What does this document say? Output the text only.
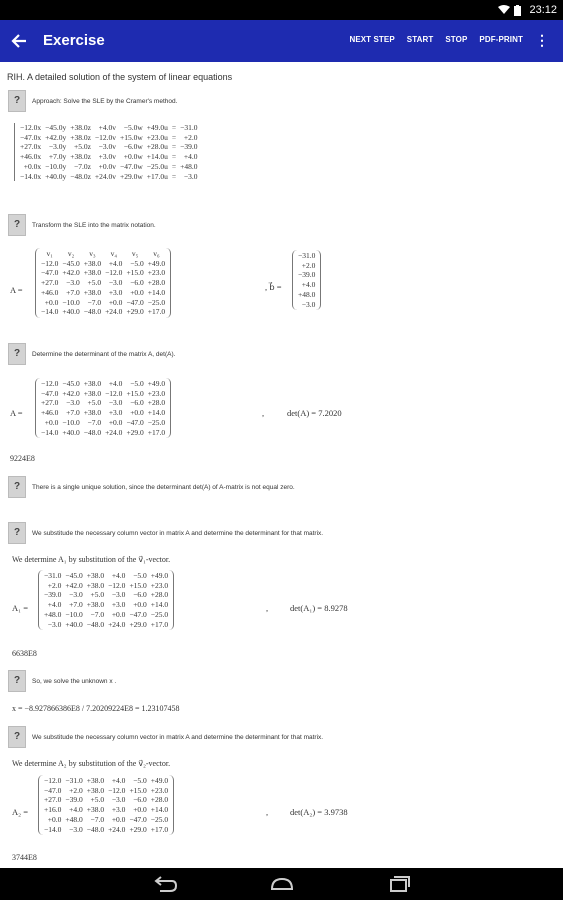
23:12
Exercise	NEXT STEP START STOP PDF-PRINT ⋮
RIH. A detailed solution of the system of linear equations
?	Approach: Solve the SLE by the Cramer's method.
−12.0x	−45.0y	+38.0z	+4.0v	−5.0w	+49.0u	=	−31.0
−47.0x	+42.0y	+38.0z	−12.0v	+15.0w	+23.0u	=	+2.0
+27.0x	−3.0y	+5.0z	−3.0v	−6.0w	+28.0u	=	−39.0
+46.0x	+7.0y	+38.0z	+3.0v	+0.0w	+14.0u	=	+4.0
+0.0x	−10.0y	−7.0z	+0.0v	−47.0w	−25.0u	=	+48.0
−14.0x	+40.0y	−48.0z	+24.0v	+29.0w	+17.0u	=	−3.0
?	Transform the SLE into the matrix notation.
A =
v₁	v₂	v₃	v₄	v₅	v₆
−12.0	−45.0	+38.0	+4.0	−5.0	+49.0
−47.0	+42.0	+38.0	−12.0	+15.0	+23.0
+27.0	−3.0	+5.0	−3.0	−6.0	+28.0
+46.0	+7.0	+38.0	+3.0	+0.0	+14.0
+0.0	−10.0	−7.0	+0.0	−47.0	−25.0
−14.0	+40.0	−48.0	+24.0	+29.0	+17.0
, b⃗ =
−31.0
+2.0
−39.0
+4.0
+48.0
−3.0
?	Determine the determinant of the matrix A, det(A).
A =
−12.0	−45.0	+38.0	+4.0	−5.0	+49.0
−47.0	+42.0	+38.0	−12.0	+15.0	+23.0
+27.0	−3.0	+5.0	−3.0	−6.0	+28.0
+46.0	+7.0	+38.0	+3.0	+0.0	+14.0
+0.0	−10.0	−7.0	+0.0	−47.0	−25.0
−14.0	+40.0	−48.0	+24.0	+29.0	+17.0
,	det(A) = 7.2020
9224E8
?	There is a single unique solution, since the determinant det(A) of A-matrix is not equal zero.
?	We substitude the necessary column vector in matrix A and determine the determinant for that matrix.
We determine A₁ by substitution of the v⃗₁-vector.
A₁ =
−31.0	−45.0	+38.0	+4.0	−5.0	+49.0
+2.0	+42.0	+38.0	−12.0	+15.0	+23.0
−39.0	−3.0	+5.0	−3.0	−6.0	+28.0
+4.0	+7.0	+38.0	+3.0	+0.0	+14.0
+48.0	−10.0	−7.0	+0.0	−47.0	−25.0
−3.0	+40.0	−48.0	+24.0	+29.0	+17.0
,	det(A₁) = 8.9278
6638E8
?	So, we solve the unknown x .
x = −8.927866386E8 / 7.20209224E8 = 1.23107458
?	We substitude the necessary column vector in matrix A and determine the determinant for that matrix.
We determine A₂ by substitution of the v⃗₂-vector.
A₂ =
−12.0	−31.0	+38.0	+4.0	−5.0	+49.0
−47.0	+2.0	+38.0	−12.0	+15.0	+23.0
+27.0	−39.0	+5.0	−3.0	−6.0	+28.0
+16.0	+4.0	+38.0	+3.0	+0.0	+14.0
+0.0	+48.0	−7.0	+0.0	−47.0	−25.0
−14.0	−3.0	−48.0	+24.0	+29.0	+17.0
,	det(A₂) = 3.9738
3744E8
